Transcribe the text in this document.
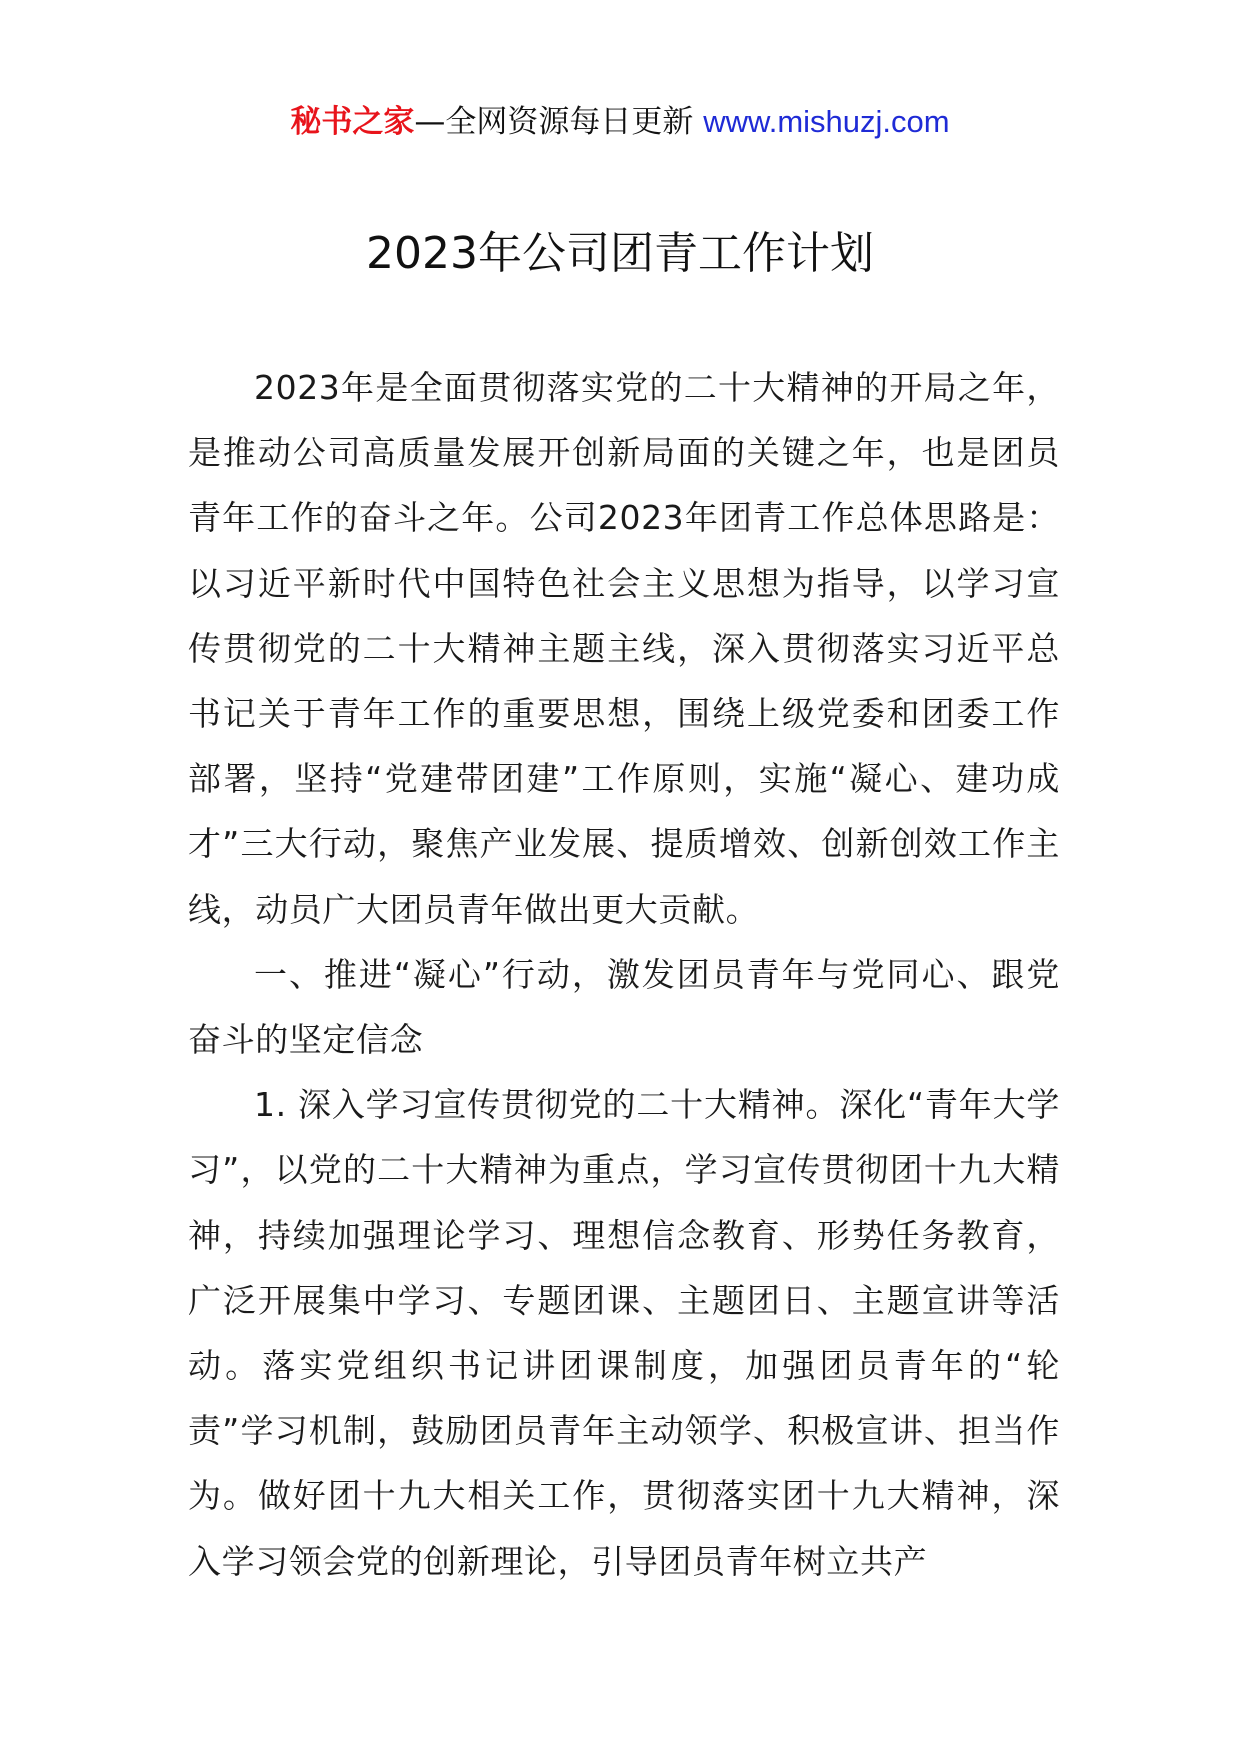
秘书之家—全网资源每日更新 www.mishuzj.com
2023年公司团青工作计划

2023年是全面贯彻落实党的二十大精神的开局之年，是推动公司高质量发展开创新局面的关键之年，也是团员青年工作的奋斗之年。公司2023年团青工作总体思路是：以习近平新时代中国特色社会主义思想为指导，以学习宣传贯彻党的二十大精神主题主线，深入贯彻落实习近平总书记关于青年工作的重要思想，围绕上级党委和团委工作部署，坚持“党建带团建”工作原则，实施“凝心、建功成才”三大行动，聚焦产业发展、提质增效、创新创效工作主线，动员广大团员青年做出更大贡献。

一、推进“凝心”行动，激发团员青年与党同心、跟党奋斗的坚定信念

1. 深入学习宣传贯彻党的二十大精神。深化“青年大学习”，以党的二十大精神为重点，学习宣传贯彻团十九大精神，持续加强理论学习、理想信念教育、形势任务教育，广泛开展集中学习、专题团课、主题团日、主题宣讲等活动。落实党组织书记讲团课制度，加强团员青年的“轮责”学习机制，鼓励团员青年主动领学、积极宣讲、担当作为。做好团十九大相关工作，贯彻落实团十九大精神，深入学习领会党的创新理论，引导团员青年树立共产
